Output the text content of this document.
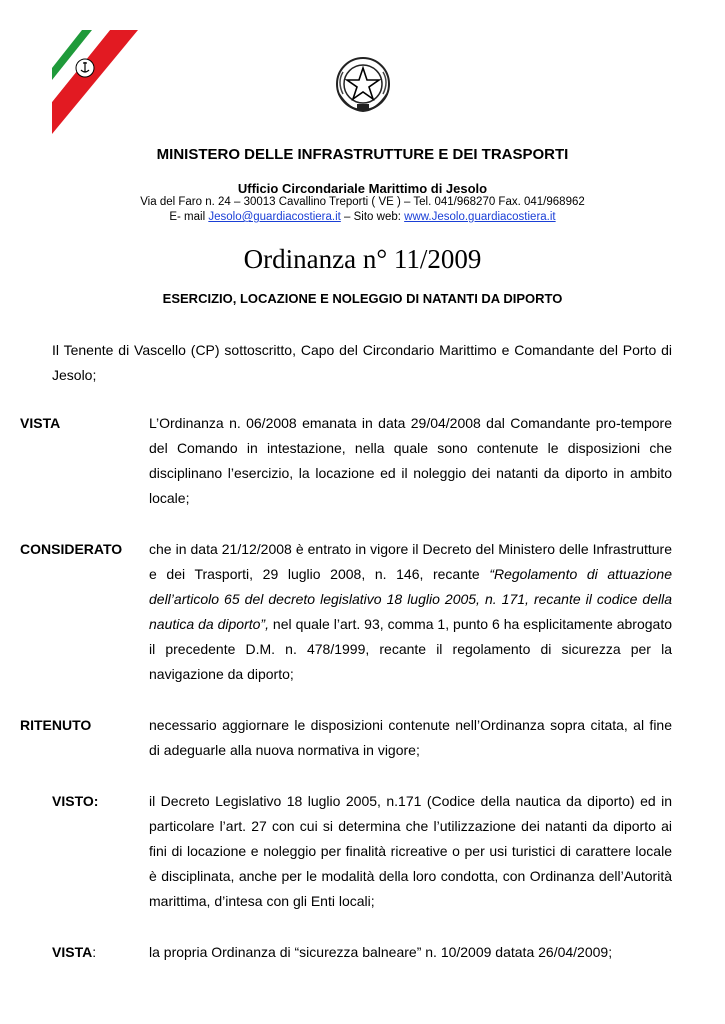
MINISTERO DELLE INFRASTRUTTURE E DEI TRASPORTI
Ufficio Circondariale Marittimo di Jesolo
Via del Faro n. 24 – 30013 Cavallino Treporti ( VE ) – Tel. 041/968270 Fax. 041/968962
E- mail Jesolo@guardiacostiera.it – Sito web: www.Jesolo.guardiacostiera.it
Ordinanza n° 11/2009
ESERCIZIO, LOCAZIONE E NOLEGGIO DI NATANTI DA DIPORTO
Il Tenente di Vascello (CP) sottoscritto, Capo del Circondario Marittimo e Comandante del Porto di Jesolo;
VISTA	L’Ordinanza n. 06/2008 emanata in data 29/04/2008 dal Comandante pro-tempore del Comando in intestazione, nella quale sono contenute le disposizioni che disciplinano l’esercizio, la locazione ed il noleggio dei natanti da diporto in ambito locale;
CONSIDERATO che in data 21/12/2008 è entrato in vigore il Decreto del Ministero delle Infrastrutture e dei Trasporti, 29 luglio 2008, n. 146, recante “Regolamento di attuazione dell’articolo 65 del decreto legislativo 18 luglio 2005, n. 171, recante il codice della nautica da diporto”, nel quale l’art. 93, comma 1, punto 6 ha esplicitamente abrogato il precedente D.M. n. 478/1999, recante il regolamento di sicurezza per la navigazione da diporto;
RITENUTO	necessario aggiornare le disposizioni contenute nell’Ordinanza sopra citata, al fine di adeguarle alla nuova normativa in vigore;
VISTO:	il Decreto Legislativo 18 luglio 2005, n.171 (Codice della nautica da diporto) ed in particolare l’art. 27 con cui si determina che l’utilizzazione dei natanti da diporto ai fini di locazione e noleggio per finalità ricreative o per usi turistici di carattere locale è disciplinata, anche per le modalità della loro condotta, con Ordinanza dell’Autorità marittima, d’intesa con gli Enti locali;
VISTA:	la propria Ordinanza di “sicurezza balneare” n. 10/2009 datata 26/04/2009;
